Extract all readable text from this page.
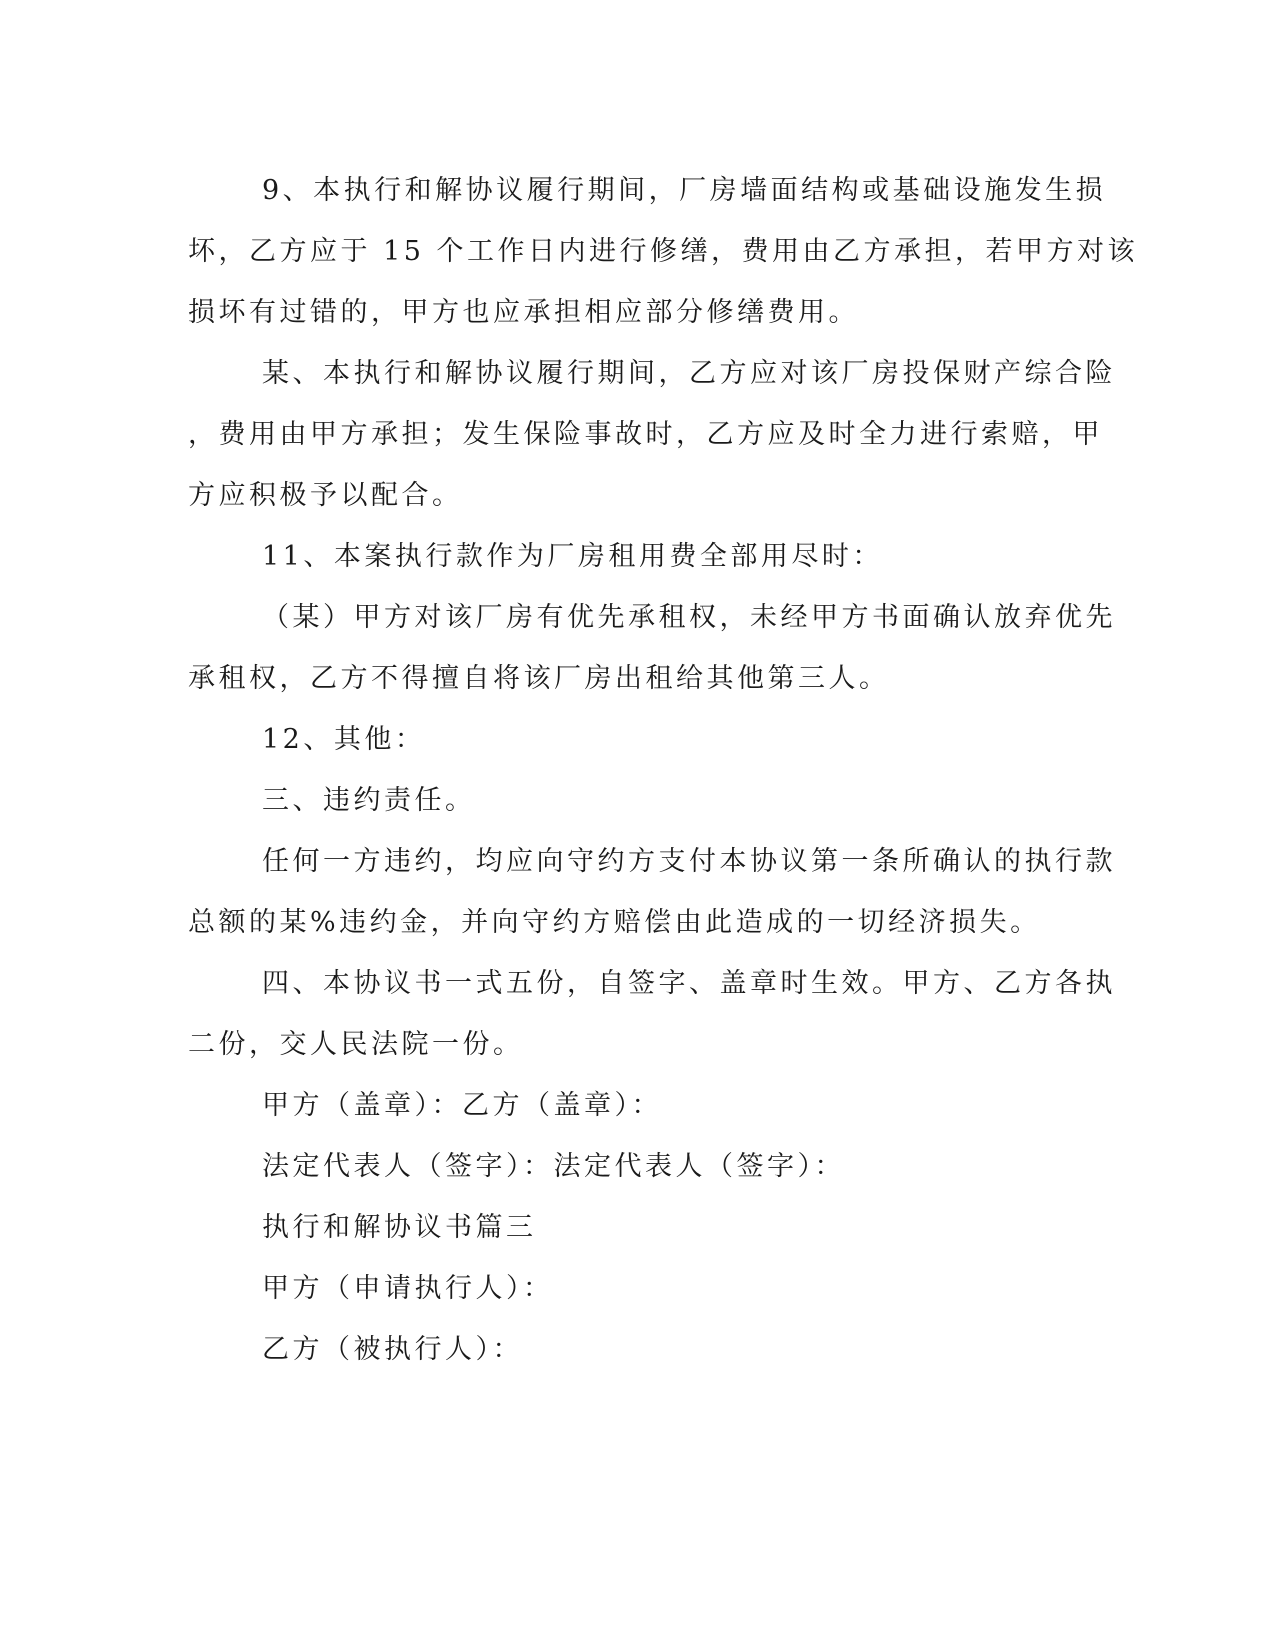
9、本执行和解协议履行期间，厂房墙面结构或基础设施发生损
坏，乙方应于 15 个工作日内进行修缮，费用由乙方承担，若甲方对该
损坏有过错的，甲方也应承担相应部分修缮费用。
某、本执行和解协议履行期间，乙方应对该厂房投保财产综合险
，费用由甲方承担；发生保险事故时，乙方应及时全力进行索赔，甲
方应积极予以配合。
11、本案执行款作为厂房租用费全部用尽时：
（某）甲方对该厂房有优先承租权，未经甲方书面确认放弃优先
承租权，乙方不得擅自将该厂房出租给其他第三人。
12、其他：
三、违约责任。
任何一方违约，均应向守约方支付本协议第一条所确认的执行款
总额的某%违约金，并向守约方赔偿由此造成的一切经济损失。
四、本协议书一式五份，自签字、盖章时生效。甲方、乙方各执
二份，交人民法院一份。
甲方（盖章）：乙方（盖章）：
法定代表人（签字）：法定代表人（签字）：
执行和解协议书篇三
甲方（申请执行人）：
乙方（被执行人）：
